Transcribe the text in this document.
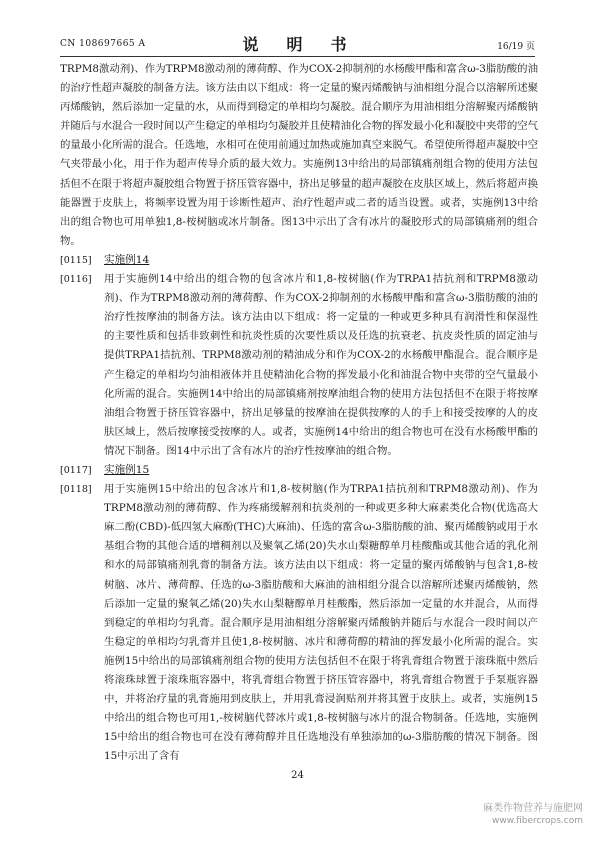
CN 108697665 A	说　明　书	16/19 页

TRPM8激动剂)、作为TRPM8激动剂的薄荷醇、作为COX-2抑制剂的水杨酸甲酯和富含ω-3脂肪酸的油的治疗性超声凝胶的制备方法。该方法由以下组成：将一定量的聚丙烯酸钠与油相组分混合以溶解所述聚丙烯酸钠，然后添加一定量的水，从而得到稳定的单相均匀凝胶。混合顺序为用油相组分溶解聚丙烯酸钠并随后与水混合一段时间以产生稳定的单相均匀凝胶并且使精油化合物的挥发最小化和凝胶中夹带的空气的量最小化所需的混合。任选地，水相可在使用前通过加热或施加真空来脱气。希望使所得超声凝胶中空气夹带最小化，用于作为超声传导介质的最大效力。实施例13中给出的局部镇痛剂组合物的使用方法包括但不在限于将超声凝胶组合物置于挤压管容器中，挤出足够量的超声凝胶在皮肤区域上，然后将超声换能器置于皮肤上，将频率设置为用于诊断性超声、治疗性超声或二者的适当设置。或者，实施例13中给出的组合物也可用单独1,8-桉树脑或冰片制备。图13中示出了含有冰片的凝胶形式的局部镇痛剂的组合物。

[0115]	实施例14
[0116]	用于实施例14中给出的组合物的包含冰片和1,8-桉树脑(作为TRPA1拮抗剂和TRPM8激动剂)、作为TRPM8激动剂的薄荷醇、作为COX-2抑制剂的水杨酸甲酯和富含ω-3脂肪酸的油的治疗性按摩油的制备方法。该方法由以下组成：将一定量的一种或更多种具有润滑性和保湿性的主要性质和包括非致刺性和抗炎性质的次要性质以及任选的抗衰老、抗皮炎性质的固定油与提供TRPA1拮抗剂、TRPM8激动剂的精油成分和作为COX-2的水杨酸甲酯混合。混合顺序是产生稳定的单相均匀油相液体并且使精油化合物的挥发最小化和油混合物中夹带的空气量最小化所需的混合。实施例14中给出的局部镇痛剂按摩油组合物的使用方法包括但不在限于将按摩油组合物置于挤压管容器中，挤出足够量的按摩油在提供按摩的人的手上和接受按摩的人的皮肤区域上，然后按摩接受按摩的人。或者，实施例14中给出的组合物也可在没有水杨酸甲酯的情况下制备。图14中示出了含有冰片的治疗性按摩油的组合物。

[0117]	实施例15
[0118]	用于实施例15中给出的包含冰片和1,8-桉树脑(作为TRPA1拮抗剂和TRPM8激动剂)、作为TRPM8激动剂的薄荷醇、作为疼痛缓解剂和抗炎剂的一种或更多种大麻素类化合物(优选高大麻二酚(CBD)-低四氢大麻酚(THC)大麻油)、任选的富含ω-3脂肪酸的油、聚丙烯酸钠或用于水基组合物的其他合适的增稠剂以及聚氧乙烯(20)失水山梨糖醇单月桂酸酯或其他合适的乳化剂和水的局部镇痛剂乳膏的制备方法。该方法由以下组成：将一定量的聚丙烯酸钠与包含1,8-桉树脑、冰片、薄荷醇、任选的ω-3脂肪酸和大麻油的油相组分混合以溶解所述聚丙烯酸钠，然后添加一定量的聚氧乙烯(20)失水山梨糖醇单月桂酸酯，然后添加一定量的水并混合，从而得到稳定的单相均匀乳膏。混合顺序是用油相组分溶解聚丙烯酸钠并随后与水混合一段时间以产生稳定的单相均匀乳膏并且使1,8-桉树脑、冰片和薄荷醇的精油的挥发最小化所需的混合。实施例15中给出的局部镇痛剂组合物的使用方法包括但不在限于将乳膏组合物置于滚珠瓶中然后将滚珠球置于滚珠瓶容器中，将乳膏组合物置于挤压管容器中，将乳膏组合物置于手泵瓶容器中，并将治疗量的乳膏施用到皮肤上，并用乳膏浸润贴剂并将其置于皮肤上。或者，实施例15中给出的组合物也可用1,-桉树脑代替冰片或1,8-桉树脑与冰片的混合物制备。任选地，实施例15中给出的组合物也可在没有薄荷醇并且任选地没有单独添加的ω-3脂肪酸的情况下制备。图15中示出了含有

24
麻类作物营养与施肥网
www.fibercrops.com
